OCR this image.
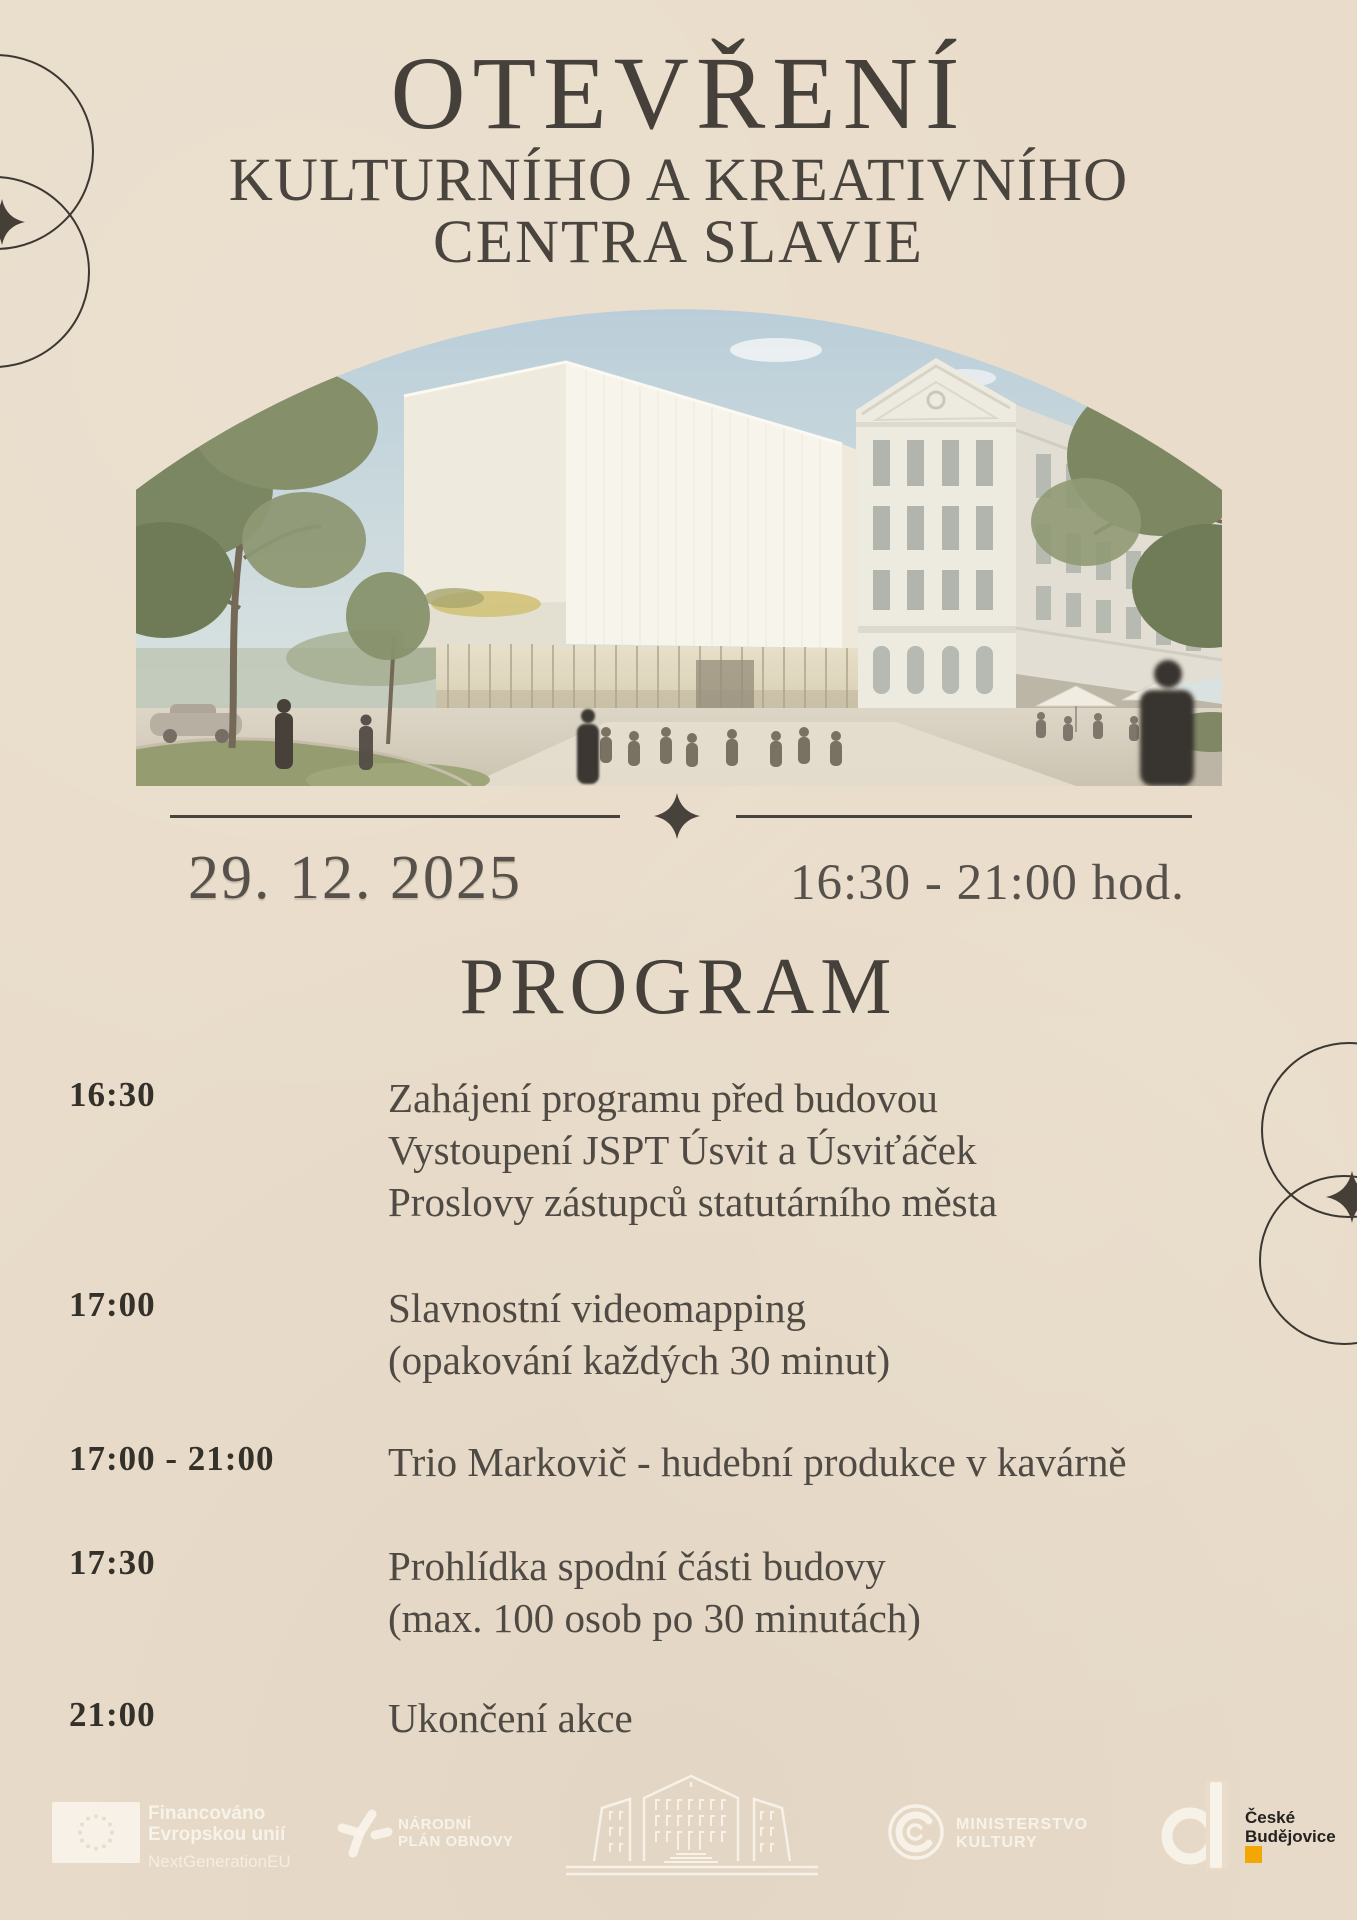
OTEVŘENÍ
KULTURNÍHO A KREATIVNÍHO
CENTRA SLAVIE
29. 12. 2025	16:30 - 21:00 hod.
PROGRAM
16:30	Zahájení programu před budovou
Vystoupení JSPT Úsvit a Úsviťáček
Proslovy zástupců statutárního města
17:00	Slavnostní videomapping
(opakování každých 30 minut)
17:00 - 21:00	Trio Markovič - hudební produkce v kavárně
17:30	Prohlídka spodní části budovy
(max. 100 osob po 30 minutách)
21:00	Ukončení akce
Financováno
Evropskou unií
NextGenerationEU
NÁRODNÍ
PLÁN OBNOVY
MINISTERSTVO
KULTURY
České
Budějovice
